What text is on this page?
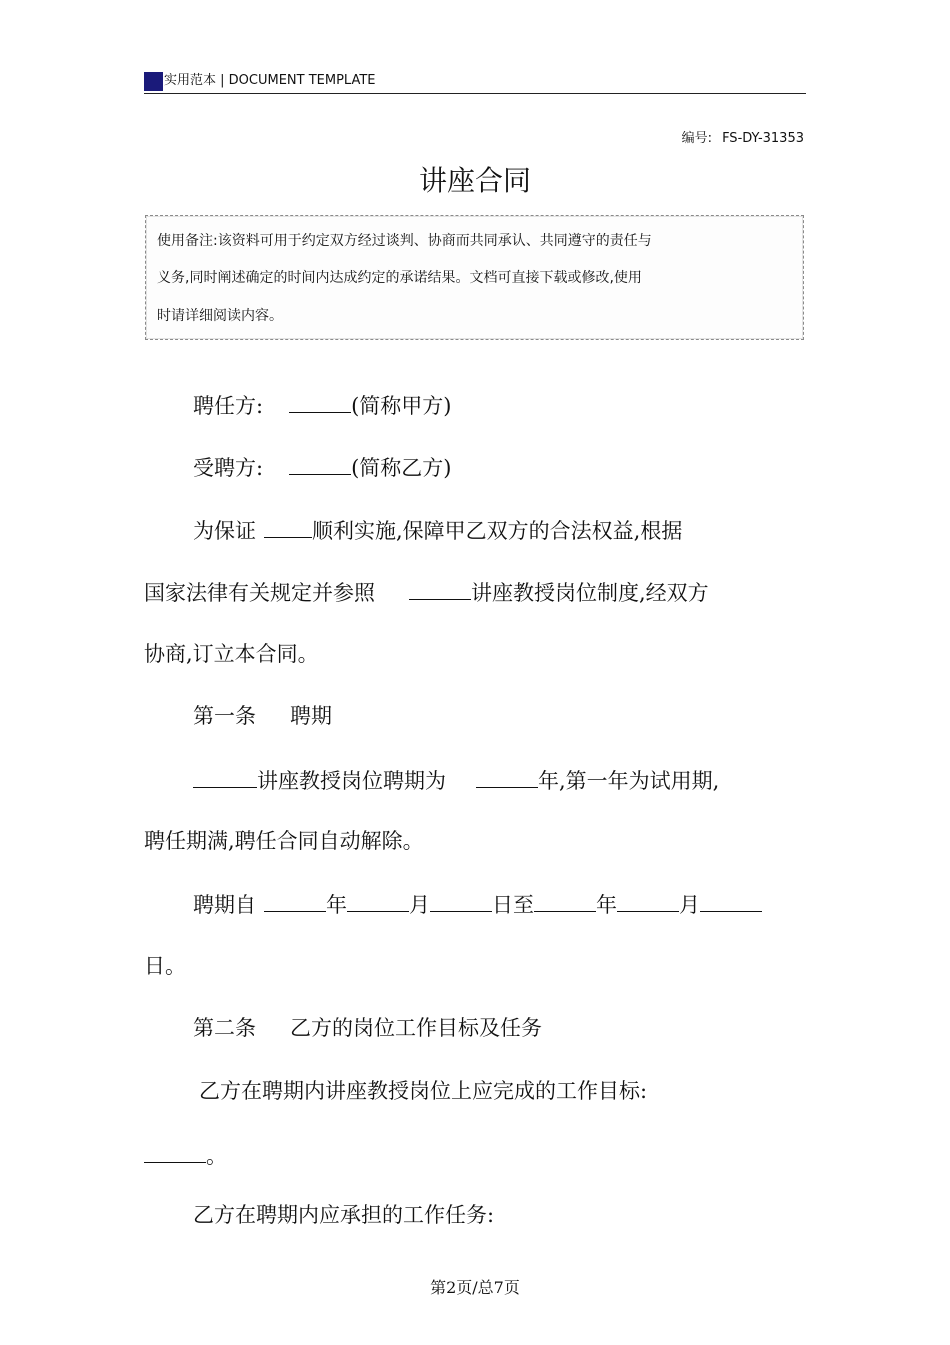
实用范本 | DOCUMENT TEMPLATE
编号: FS-DY-31353
讲座合同
使用备注:该资料可用于约定双方经过谈判、协商而共同承认、共同遵守的责任与
义务,同时阐述确定的时间内达成约定的承诺结果。文档可直接下载或修改,使用
时请详细阅读内容。
聘任方:	(简称甲方)
受聘方:	(简称乙方)
为保证	顺利实施,保障甲乙双方的合法权益,根据
国家法律有关规定并参照	讲座教授岗位制度,经双方
协商,订立本合同。
第一条 聘期
讲座教授岗位聘期为	年,第一年为试用期,
聘任期满,聘任合同自动解除。
聘期自	年	月	日至	年	月
日。
第二条 乙方的岗位工作目标及任务
乙方在聘期内讲座教授岗位上应完成的工作目标:
。
乙方在聘期内应承担的工作任务:
第2页/总7页
